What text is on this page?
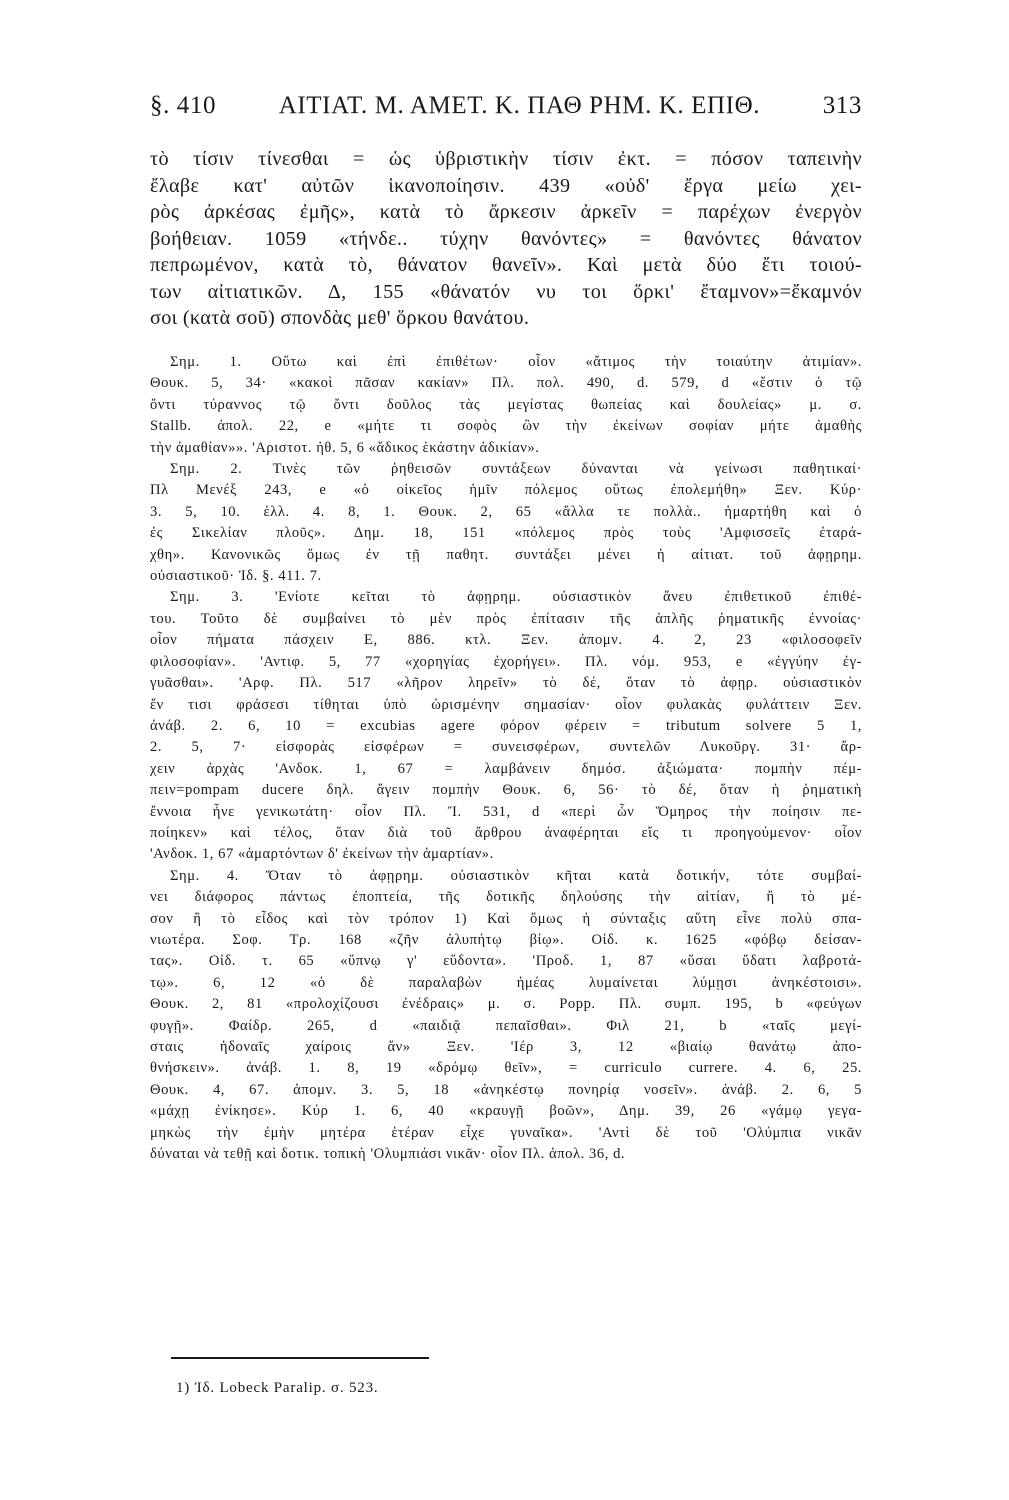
§. 410	ΑΙΤΙΑΤ. Μ. ΑΜΕΤ. Κ. ΠΑΘ ΡΗΜ. Κ. ΕΠΙΘ.	313
τὸ τίσιν τίνεσθαι = ὡς ὑβριστικὴν τίσιν ἐκτ. = πόσον ταπεινὴν
ἔλαβε κατ' αὐτῶν ἱκανοποίησιν. 439 «οὐδ' ἔργα μείω χει-
ρὸς ἀρκέσας ἐμῆς», κατὰ τὸ ἄρκεσιν ἀρκεῖν = παρέχων ἐνεργὸν
βοήθειαν. 1059 «τήνδε.. τύχην θανόντες» = θανόντες θάνατον
πεπρωμένον, κατὰ τὸ, θάνατον θανεῖν». Καὶ μετὰ δύο ἔτι τοιού-
των αἰτιατικῶν. Δ, 155 «θάνατόν νυ τοι ὅρκι' ἔταμνον»=ἔκαμνόν
σοι (κατὰ σοῦ) σπονδὰς μεθ' ὅρκου θανάτου.
Σημ. 1. Οὕτω καὶ ἐπὶ ἐπιθέτων· οἷον «ἄτιμος τὴν τοιαύτην ἀτιμίαν».
Θουκ. 5, 34· «κακοὶ πᾶσαν κακίαν» Πλ. πολ. 490, d. 579, d «ἔστιν ὁ τῷ
ὄντι τύραννος τῷ ὄντι δοῦλος τὰς μεγίστας θωπείας καὶ δουλείας» μ. σ.
Stallb. ἀπολ. 22, e «μήτε τι σοφὸς ὢν τὴν ἐκείνων σοφίαν μήτε ἀμαθὴς
τὴν ἀμαθίαν»». 'Αριστοτ. ἠθ. 5, 6 «ἄδικος ἑκάστην ἀδικίαν».
Σημ. 2. Τινὲς τῶν ῥηθεισῶν συντάξεων δύνανται νὰ γείνωσι παθητικαί·
Πλ Μενέξ 243, e «ὁ οἰκεῖος ἡμῖν πόλεμος οὕτως ἐπολεμήθη» Ξεν. Κύρ·
3. 5, 10. ἑλλ. 4. 8, 1. Θουκ. 2, 65 «ἄλλα τε πολλὰ.. ἡμαρτήθη καὶ ὁ
ἐς Σικελίαν πλοῦς». Δημ. 18, 151 «πόλεμος πρὸς τοὺς 'Αμφισσεῖς ἐταρά-
χθη». Κανονικῶς ὅμως ἐν τῇ παθητ. συντάξει μένει ἡ αἰτιατ. τοῦ ἀφῃρημ.
οὐσιαστικοῦ· Ἰδ. §. 411. 7.
Σημ. 3. 'Ενίοτε κεῖται τὸ ἀφῃρημ. οὐσιαστικὸν ἄνευ ἐπιθετικοῦ ἐπιθέ-
του. Τοῦτο δὲ συμβαίνει τὸ μὲν πρὸς ἐπίτασιν τῆς ἁπλῆς ῥηματικῆς ἐννοίας·
οἷον πήματα πάσχειν Ε, 886. κτλ. Ξεν. ἀπομν. 4. 2, 23 «φιλοσοφεῖν
φιλοσοφίαν». 'Αντιφ. 5, 77 «χορηγίας ἐχορήγει». Πλ. νόμ. 953, e «ἐγγύην ἐγ-
γυᾶσθαι». 'Αρφ. Πλ. 517 «λῆρον ληρεῖν» τὸ δέ, ὅταν τὸ ἀφῃρ. οὐσιαστικὸν
ἔν τισι φράσεσι τίθηται ὑπὸ ὡρισμένην σημασίαν· οἷον φυλακὰς φυλάττειν Ξεν.
ἀνάβ. 2. 6, 10 = excubias agere φόρον φέρειν = tributum solvere 5 1,
2. 5, 7· εἰσφορὰς εἰσφέρων = συνεισφέρων, συντελῶν Λυκοῦργ. 31· ἄρ-
χειν ἀρχὰς 'Ανδοκ. 1, 67 = λαμβάνειν δημόσ. ἀξιώματα· πομπὴν πέμ-
πειν=pompam ducere δηλ. ἄγειν πομπὴν Θουκ. 6, 56· τὸ δέ, ὅταν ἡ ῥηματικὴ
ἔννοια ἦνε γενικωτάτη· οἷον Πλ. Ἴ. 531, d «περὶ ὧν Ὅμηρος τὴν ποίησιν πε-
ποίηκεν» καὶ τέλος, ὅταν διὰ τοῦ ἄρθρου ἀναφέρηται εἴς τι προηγούμενον· οἷον
'Ανδοκ. 1, 67 «ἁμαρτόντων δ' ἐκείνων τὴν ἁμαρτίαν».
Σημ. 4. Ὅταν τὸ ἀφῃρημ. οὐσιαστικὸν κῆται κατὰ δοτικήν, τότε συμβαί-
νει διάφορος πάντως ἐποπτεία, τῆς δοτικῆς δηλούσης τὴν αἰτίαν, ἢ τὸ μέ-
σον ἢ τὸ εἶδος καὶ τὸν τρόπον 1) Καὶ ὅμως ἡ σύνταξις αὕτη εἶνε πολὺ σπα-
νιωτέρα. Σοφ. Τρ. 168 «ζῆν ἀλυπήτῳ βίῳ». Οἰδ. κ. 1625 «φόβῳ δείσαν-
τας». Οἰδ. τ. 65 «ὕπνῳ γ' εὕδοντα». 'Προδ. 1, 87 «ὕσαι ὕδατι λαβροτά-
τῳ». 6, 12 «ὁ δὲ παραλαβὼν ἡμέας λυμαίνεται λύμῃσι ἀνηκέστοισι».
Θουκ. 2, 81 «προλοχίζουσι ἐνέδραις» μ. σ. Popp. Πλ. συμπ. 195, b «φεύγων
φυγῇ». Φαίδρ. 265, d «παιδιᾷ πεπαῖσθαι». Φιλ 21, b «ταῖς μεγί-
σταις ἡδοναῖς χαίροις ἄν» Ξεν. 'Ιέρ 3, 12 «βιαίῳ θανάτῳ ἀπο-
θνήσκειν». ἀνάβ. 1. 8, 19 «δρόμῳ θεῖν», = curriculo currere. 4. 6, 25.
Θουκ. 4, 67. ἀπομν. 3. 5, 18 «ἀνηκέστῳ πονηρίᾳ νοσεῖν». ἀνάβ. 2. 6, 5
«μάχῃ ἐνίκησε». Κύρ 1. 6, 40 «κραυγῇ βοῶν», Δημ. 39, 26 «γάμῳ γεγα-
μηκὼς τὴν ἐμὴν μητέρα ἑτέραν εἶχε γυναῖκα». 'Αντὶ δὲ τοῦ 'Ολύμπια νικᾶν
δύναται νὰ τεθῇ καὶ δοτικ. τοπικὴ 'Ολυμπιάσι νικᾶν· οἷον Πλ. ἀπολ. 36, d.
1) Ἰδ. Lobeck Paralip. σ. 523.
